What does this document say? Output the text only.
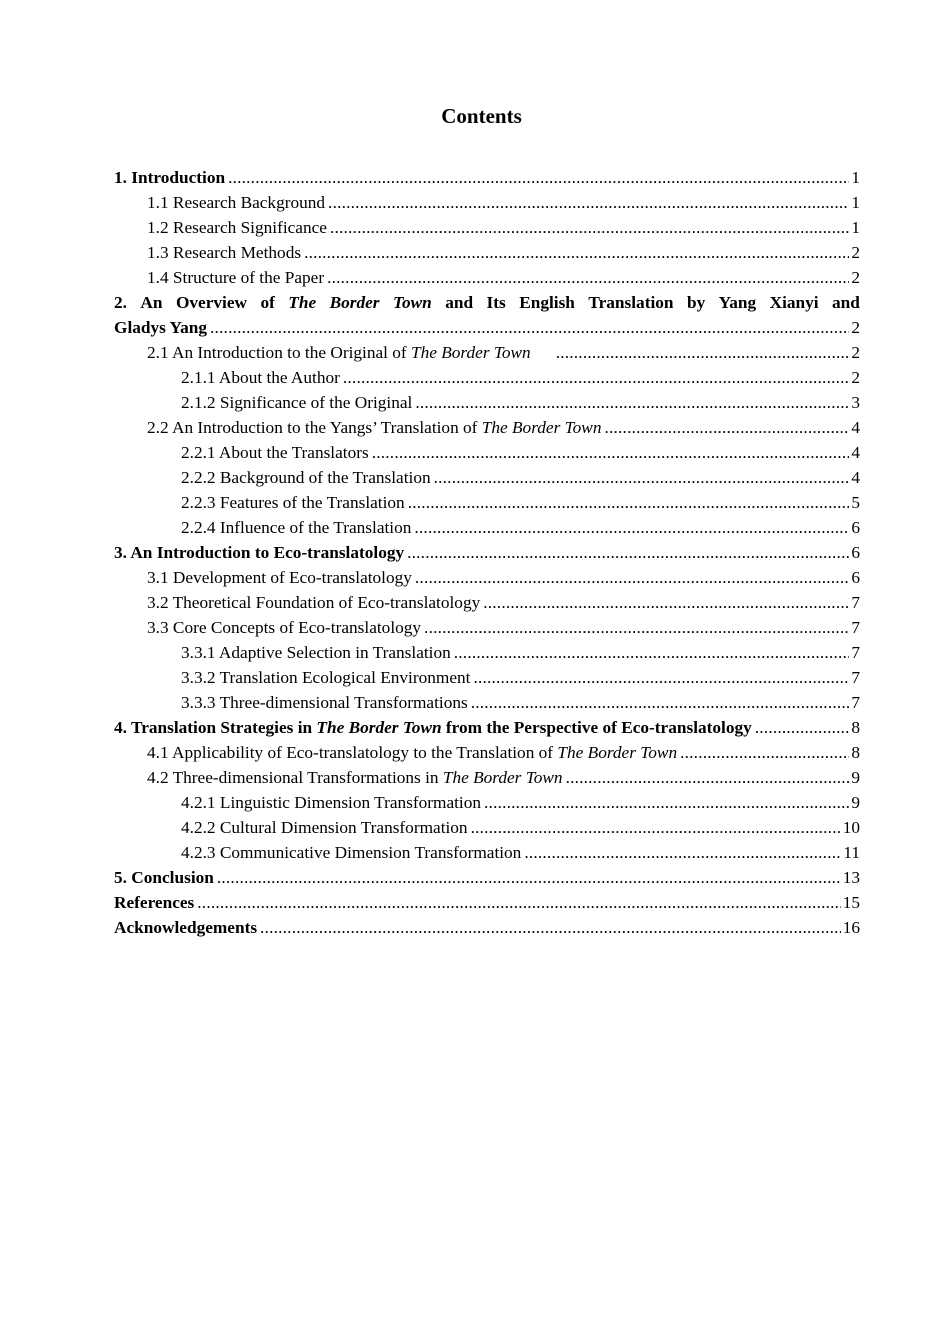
Contents
1. Introduction .....	1
1.1 Research Background .....	1
1.2 Research Significance .....	1
1.3 Research Methods .....	2
1.4 Structure of the Paper .....	2
2. An Overview of The Border Town and Its English Translation by Yang Xianyi and
Gladys Yang .....	2
2.1 An Introduction to the Original of The Border Town .....	2
2.1.1 About the Author .....	2
2.1.2 Significance of the Original .....	3
2.2 An Introduction to the Yangs’ Translation of The Border Town .....	4
2.2.1 About the Translators .....	4
2.2.2 Background of the Translation .....	4
2.2.3 Features of the Translation .....	5
2.2.4 Influence of the Translation .....	6
3. An Introduction to Eco-translatology .....	6
3.1 Development of Eco-translatology .....	6
3.2 Theoretical Foundation of Eco-translatology .....	7
3.3 Core Concepts of Eco-translatology .....	7
3.3.1 Adaptive Selection in Translation .....	7
3.3.2 Translation Ecological Environment .....	7
3.3.3 Three-dimensional Transformations .....	7
4. Translation Strategies in The Border Town from the Perspective of Eco-translatology .....	8
4.1 Applicability of Eco-translatology to the Translation of The Border Town .....	8
4.2 Three-dimensional Transformations in The Border Town .....	9
4.2.1 Linguistic Dimension Transformation .....	9
4.2.2 Cultural Dimension Transformation .....	10
4.2.3 Communicative Dimension Transformation .....	11
5. Conclusion .....	13
References .....	15
Acknowledgements .....	16
